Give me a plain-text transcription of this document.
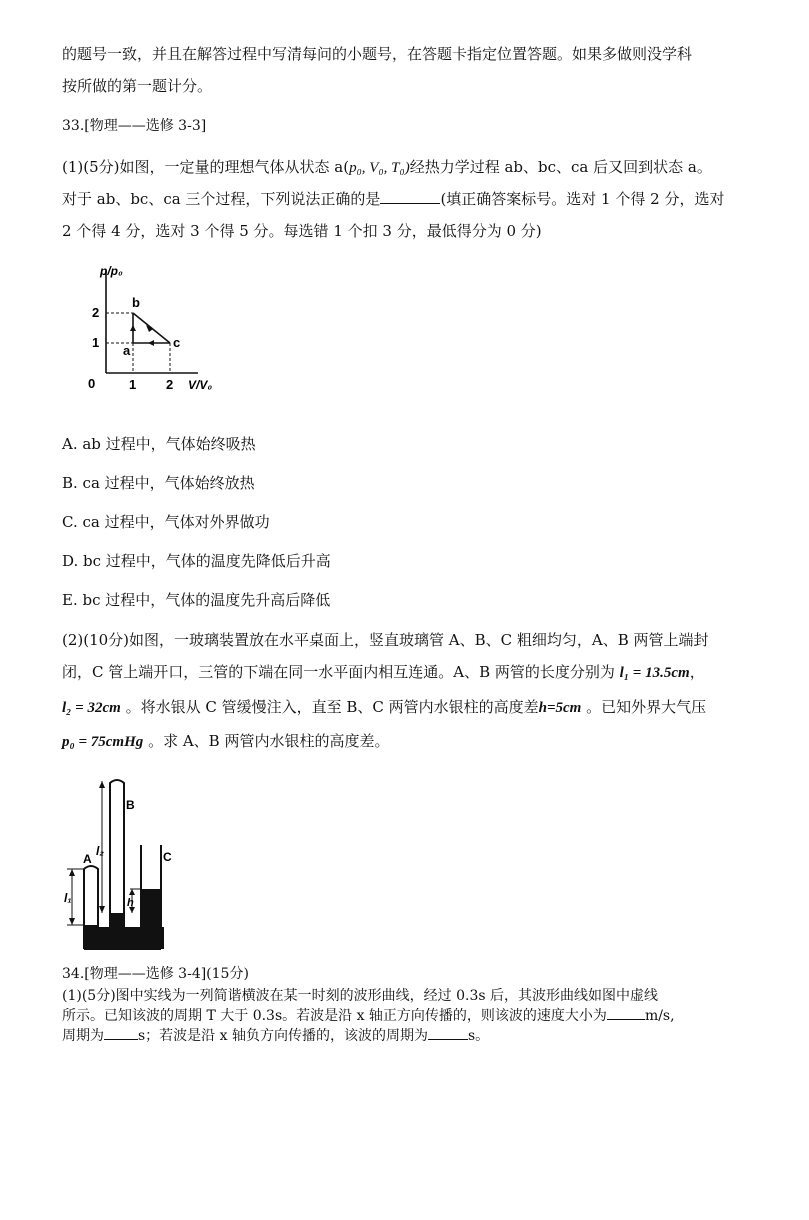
的题号一致，并且在解答过程中写清每问的小题号，在答题卡指定位置答题。如果多做则没学科
按所做的第一题计分。
33.[物理——选修 3-3]
(1)(5分)如图，一定量的理想气体从状态 a(p₀, V₀, T₀)经热力学过程 ab、bc、ca 后又回到状态 a。
对于 ab、bc、ca 三个过程，下列说法正确的是	(填正确答案标号。选对 1 个得 2 分，选对
2 个得 4 分，选对 3 个得 5 分。每选错 1 个扣 3 分，最低得分为 0 分)
p/p₀
V/V₀
0
2
1
1 2
b
a
c
A. ab 过程中，气体始终吸热
B. ca 过程中，气体始终放热
C. ca 过程中，气体对外界做功
D. bc 过程中，气体的温度先降低后升高
E. bc 过程中，气体的温度先升高后降低
(2)(10分)如图，一玻璃装置放在水平桌面上，竖直玻璃管 A、B、C 粗细均匀，A、B 两管上端封
闭，C 管上端开口，三管的下端在同一水平面内相互连通。A、B 两管的长度分别为 l₁ = 13.5cm，
l₂ = 32cm 。将水银从 C 管缓慢注入，直至 B、C 两管内水银柱的高度差h=5cm 。已知外界大气压
p₀ = 75cmHg 。求 A、B 两管内水银柱的高度差。
A
B
C
l₁
l₂
h
34.[物理——选修 3-4](15分)
(1)(5分)图中实线为一列简谐横波在某一时刻的波形曲线，经过 0.3s 后，其波形曲线如图中虚线
所示。已知该波的周期 T 大于 0.3s。若波是沿 x 轴正方向传播的，则该波的速度大小为	m/s,
周期为 s；若波是沿 x 轴负方向传播的，该波的周期为	s。
